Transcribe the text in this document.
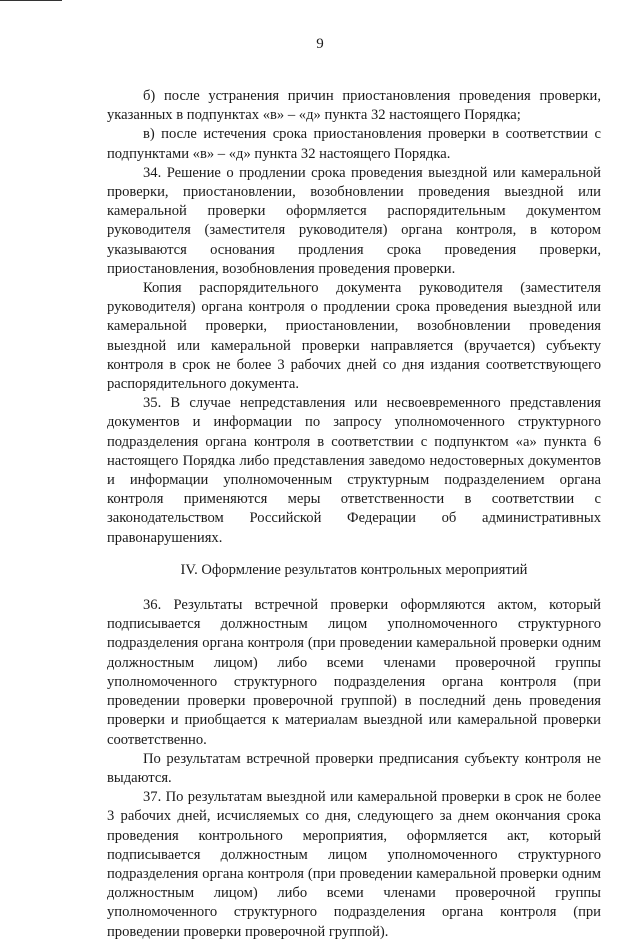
9

б) после устранения причин приостановления проведения проверки, указанных в подпунктах «в» – «д» пункта 32 настоящего Порядка;

в) после истечения срока приостановления проверки в соответствии с подпунктами «в» – «д» пункта 32 настоящего Порядка.

34. Решение о продлении срока проведения выездной или камеральной проверки, приостановлении, возобновлении проведения выездной или камеральной проверки оформляется распорядительным документом руководителя (заместителя руководителя) органа контроля, в котором указываются основания продления срока проведения проверки, приостановления, возобновления проведения проверки.

Копия распорядительного документа руководителя (заместителя руководителя) органа контроля о продлении срока проведения выездной или камеральной проверки, приостановлении, возобновлении проведения выездной или камеральной проверки направляется (вручается) субъекту контроля в срок не более 3 рабочих дней со дня издания соответствующего распорядительного документа.

35. В случае непредставления или несвоевременного представления документов и информации по запросу уполномоченного структурного подразделения органа контроля в соответствии с подпунктом «а» пункта 6 настоящего Порядка либо представления заведомо недостоверных документов и информации уполномоченным структурным подразделением органа контроля применяются меры ответственности в соответствии с законодательством Российской Федерации об административных правонарушениях.

IV. Оформление результатов контрольных мероприятий

36. Результаты встречной проверки оформляются актом, который подписывается должностным лицом уполномоченного структурного подразделения органа контроля (при проведении камеральной проверки одним должностным лицом) либо всеми членами проверочной группы уполномоченного структурного подразделения органа контроля (при проведении проверки проверочной группой) в последний день проведения проверки и приобщается к материалам выездной или камеральной проверки соответственно.

По результатам встречной проверки предписания субъекту контроля не выдаются.

37. По результатам выездной или камеральной проверки в срок не более 3 рабочих дней, исчисляемых со дня, следующего за днем окончания срока проведения контрольного мероприятия, оформляется акт, который подписывается должностным лицом уполномоченного структурного подразделения органа контроля (при проведении камеральной проверки одним должностным лицом) либо всеми членами проверочной группы уполномоченного структурного подразделения органа контроля (при проведении проверки проверочной группой).
